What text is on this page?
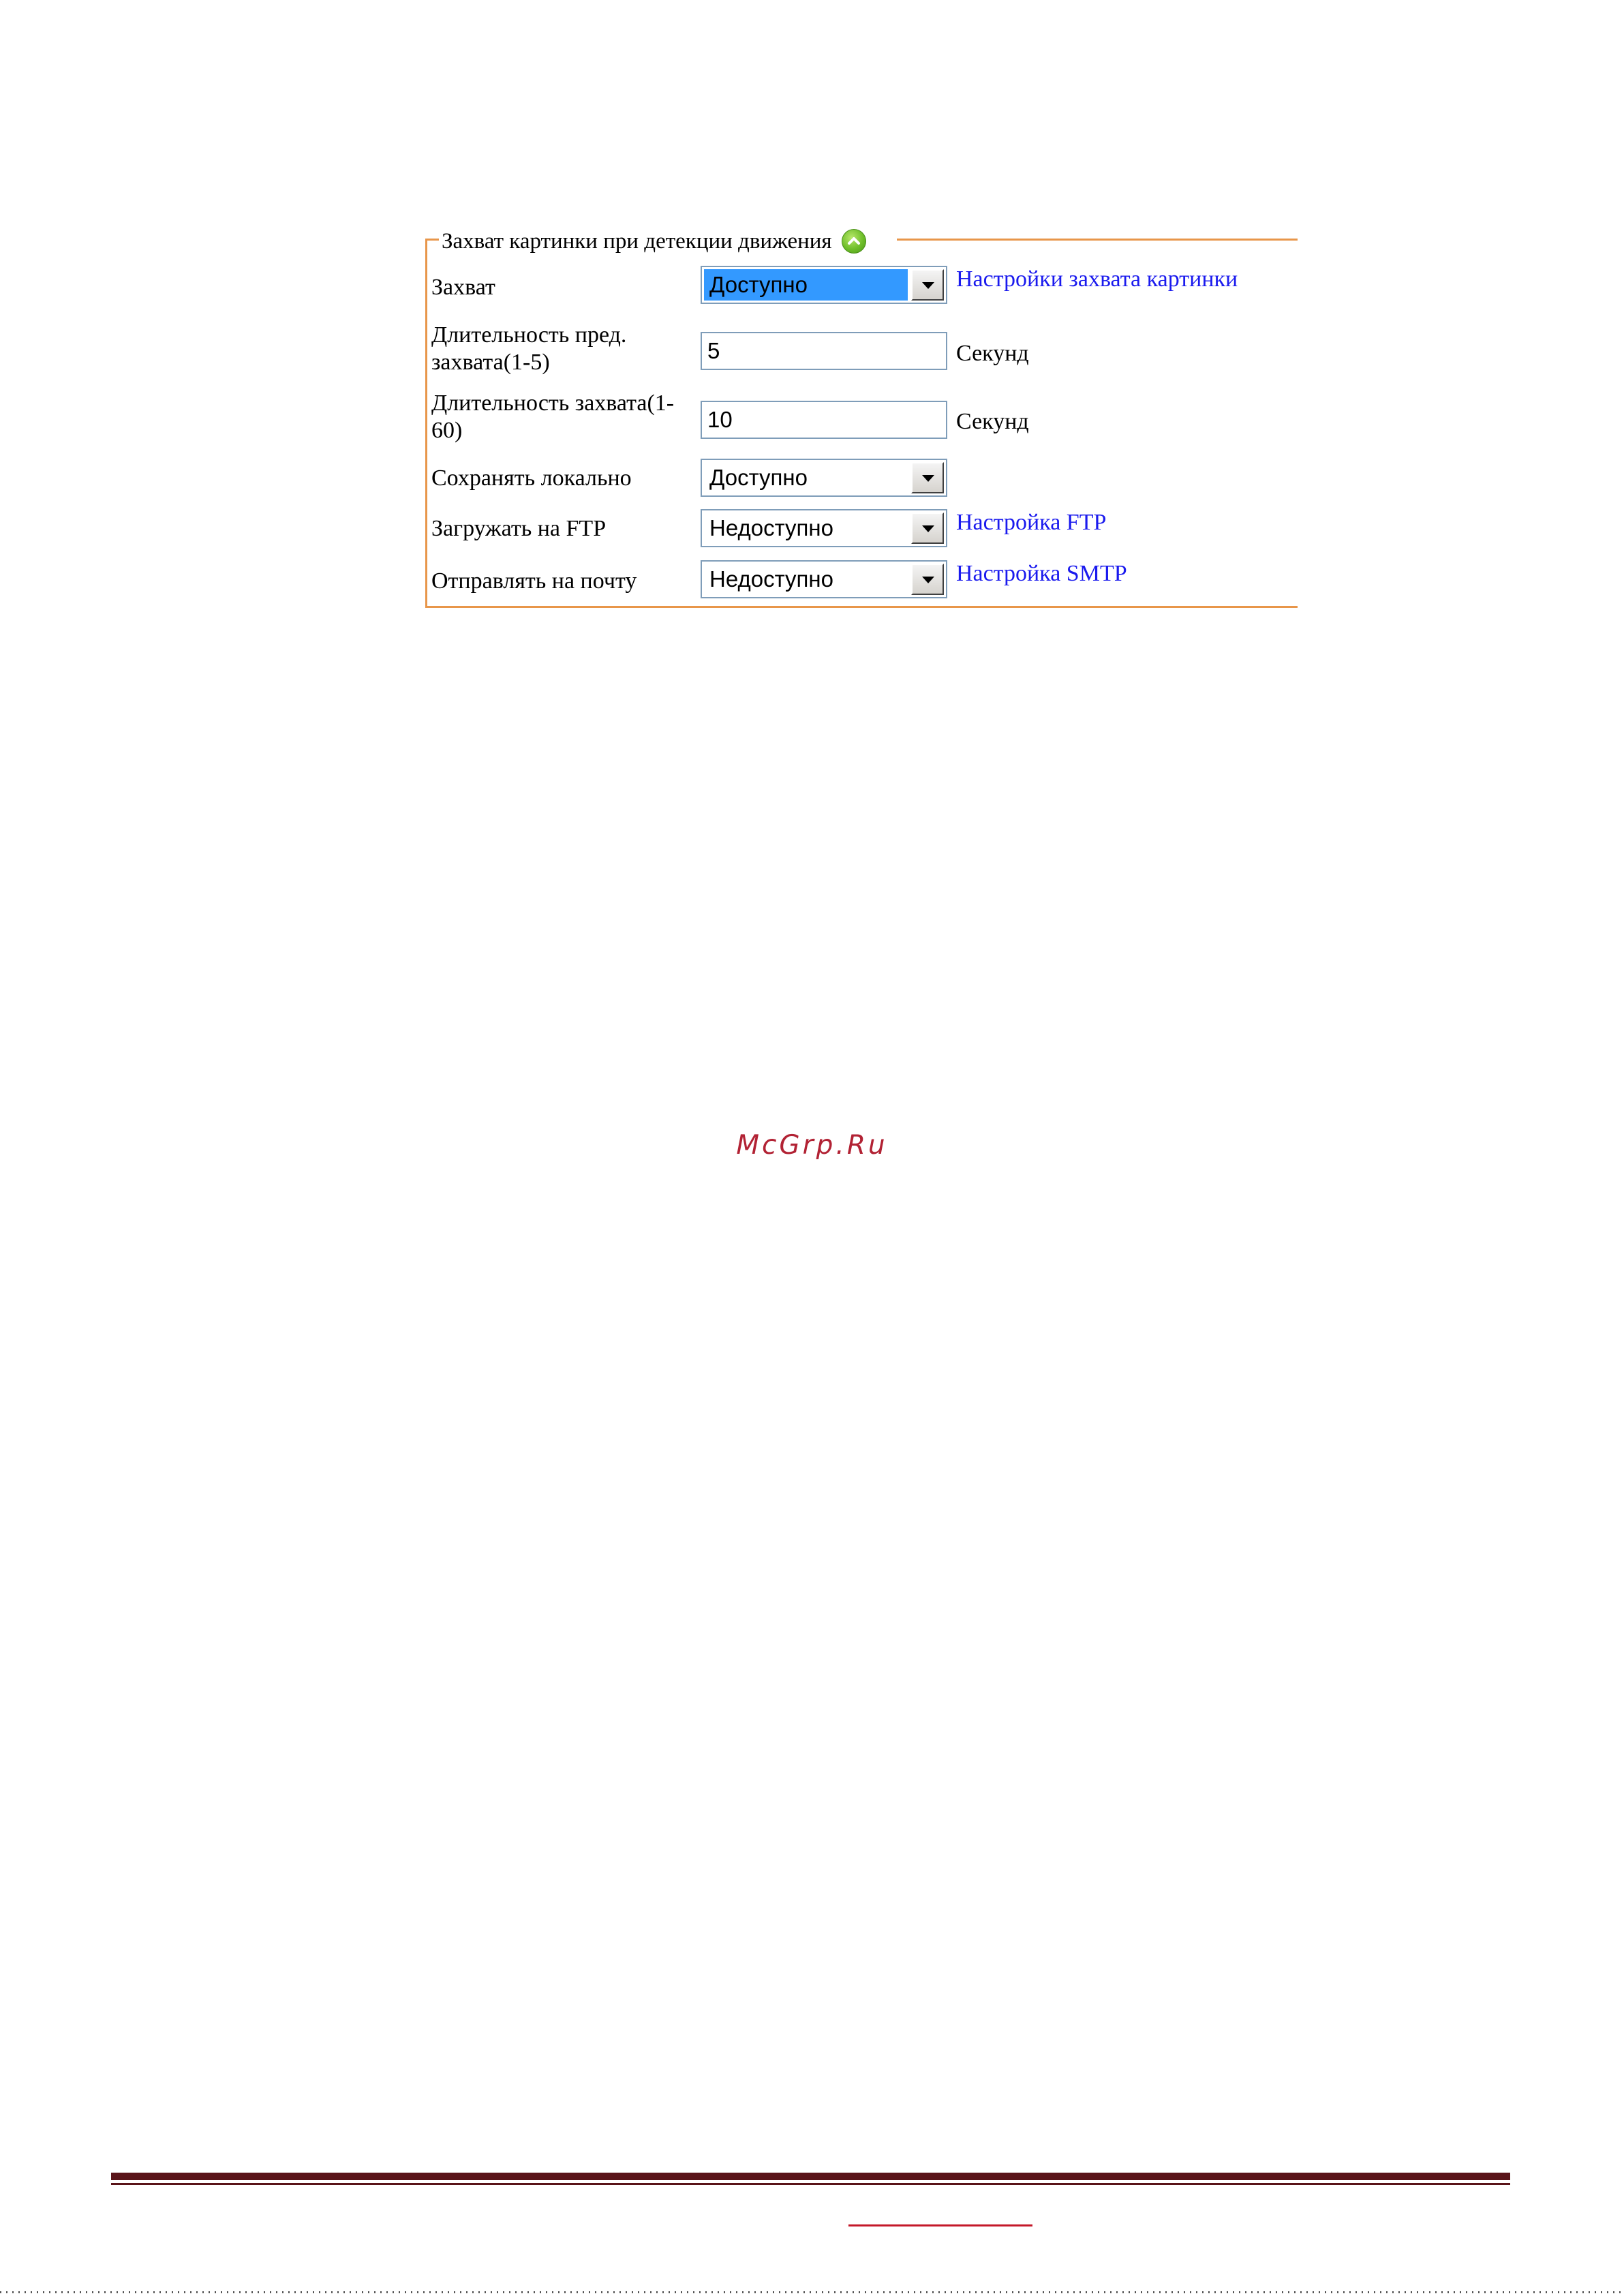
Захват картинки при детекции движения
Захват	Доступно	Настройки захвата картинки
Длительность пред.
захвата(1-5)	5	Секунд
Длительность захвата(1-
60)	10	Секунд
Сохранять локально	Доступно
Загружать на FTP	Недоступно	Настройка FTP
Отправлять на почту	Недоступно	Настройка SMTP
McGrp.Ru
